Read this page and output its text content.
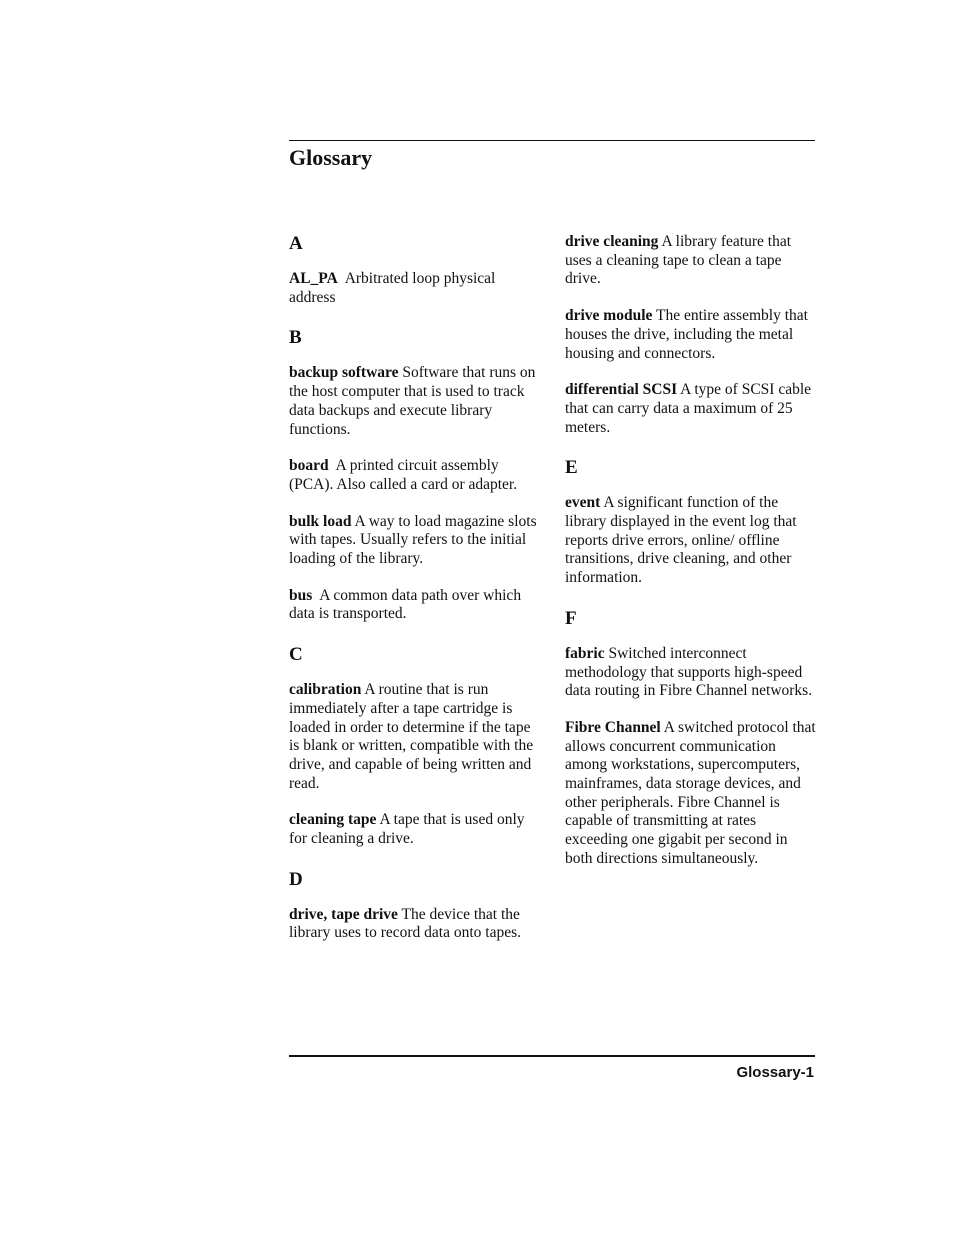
Glossary
A

AL_PA Arbitrated loop physical address

B

backup software Software that runs on the host computer that is used to track data backups and execute library functions.

board A printed circuit assembly (PCA). Also called a card or adapter.

bulk load A way to load magazine slots with tapes. Usually refers to the initial loading of the library.

bus A common data path over which data is transported.

C

calibration A routine that is run immediately after a tape cartridge is loaded in order to determine if the tape is blank or written, compatible with the drive, and capable of being written and read.

cleaning tape A tape that is used only for cleaning a drive.

D

drive, tape drive The device that the library uses to record data onto tapes.

drive cleaning A library feature that uses a cleaning tape to clean a tape drive.

drive module The entire assembly that houses the drive, including the metal housing and connectors.

differential SCSI A type of SCSI cable that can carry data a maximum of 25 meters.

E

event A significant function of the library displayed in the event log that reports drive errors, online/ offline transitions, drive cleaning, and other information.

F

fabric Switched interconnect methodology that supports high-speed data routing in Fibre Channel networks.

Fibre Channel A switched protocol that allows concurrent communication among workstations, supercomputers, mainframes, data storage devices, and other peripherals. Fibre Channel is capable of transmitting at rates exceeding one gigabit per second in both directions simultaneously.

Glossary-1
